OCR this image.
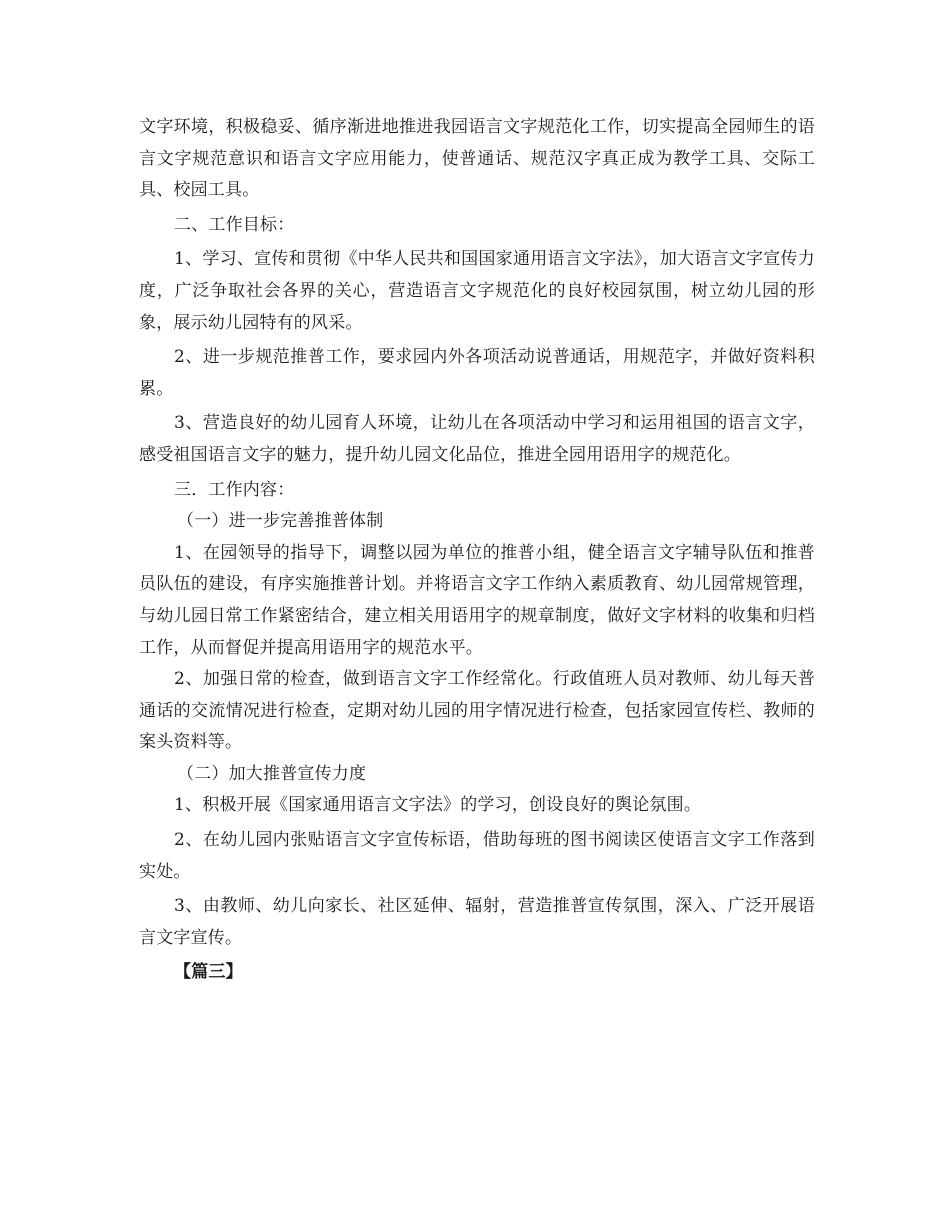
文字环境，积极稳妥、循序渐进地推进我园语言文字规范化工作，切实提高全园师生的语言文字规范意识和语言文字应用能力，使普通话、规范汉字真正成为教学工具、交际工具、校园工具。

二、工作目标：

1、学习、宣传和贯彻《中华人民共和国国家通用语言文字法》，加大语言文字宣传力度，广泛争取社会各界的关心，营造语言文字规范化的良好校园氛围，树立幼儿园的形象，展示幼儿园特有的风采。

2、进一步规范推普工作，要求园内外各项活动说普通话，用规范字，并做好资料积累。

3、营造良好的幼儿园育人环境，让幼儿在各项活动中学习和运用祖国的语言文字，感受祖国语言文字的魅力，提升幼儿园文化品位，推进全园用语用字的规范化。

三．工作内容：

（一）进一步完善推普体制

1、在园领导的指导下，调整以园为单位的推普小组，健全语言文字辅导队伍和推普员队伍的建设，有序实施推普计划。并将语言文字工作纳入素质教育、幼儿园常规管理，与幼儿园日常工作紧密结合，建立相关用语用字的规章制度，做好文字材料的收集和归档工作，从而督促并提高用语用字的规范水平。

2、加强日常的检查，做到语言文字工作经常化。行政值班人员对教师、幼儿每天普通话的交流情况进行检查，定期对幼儿园的用字情况进行检查，包括家园宣传栏、教师的案头资料等。

（二）加大推普宣传力度

1、积极开展《国家通用语言文字法》的学习，创设良好的舆论氛围。

2、在幼儿园内张贴语言文字宣传标语，借助每班的图书阅读区使语言文字工作落到实处。

3、由教师、幼儿向家长、社区延伸、辐射，营造推普宣传氛围，深入、广泛开展语言文字宣传。

【篇三】
